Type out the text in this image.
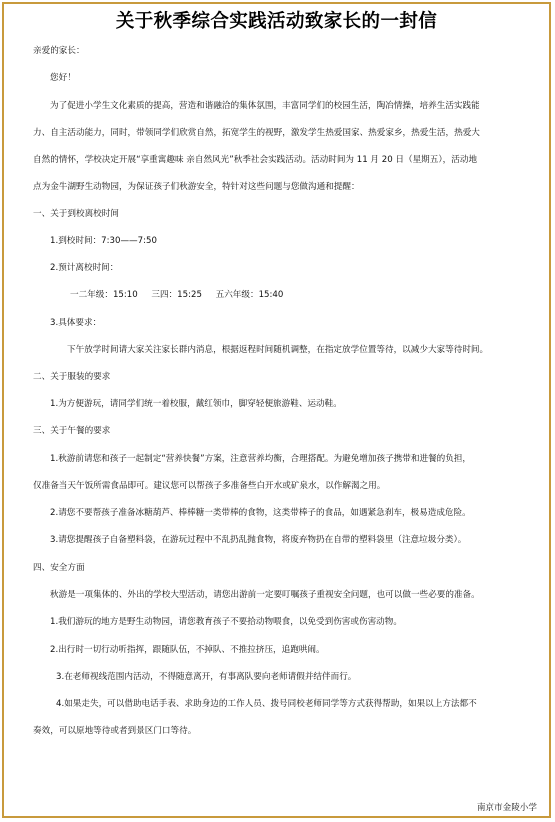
关于秋季综合实践活动致家长的一封信
亲爱的家长：
您好！
为了促进小学生文化素质的提高，营造和谐融洽的集体氛围，丰富同学们的校园生活，陶冶情操，培养生活实践能
力、自主活动能力，同时，带领同学们欣赏自然，拓宽学生的视野，激发学生热爱国家、热爱家乡，热爱生活，热爱大
自然的情怀，学校决定开展“享重寓趣味 亲自然风光”秋季社会实践活动。活动时间为 11 月 20 日（星期五），活动地
点为金牛湖野生动物园，为保证孩子们秋游安全，特针对这些问题与您做沟通和提醒：
一、关于到校离校时间
1.到校时间：7:30——7:50
2.预计离校时间：
一二年级：15:10     三四：15:25     五六年级：15:40
3.具体要求：
下午放学时间请大家关注家长群内消息，根据返程时间随机调整，在指定放学位置等待，以减少大家等待时间。
二、关于服装的要求
1.为方便游玩，请同学们统一着校服，戴红领巾，脚穿轻便旅游鞋、运动鞋。
三、关于午餐的要求
1.秋游前请您和孩子一起制定“营养快餐”方案，注意营养均衡，合理搭配。为避免增加孩子携带和进餐的负担，
仅准备当天午饭所需食品即可。建议您可以帮孩子多准备些白开水或矿泉水，以作解渴之用。
2.请您不要帮孩子准备冰糖葫芦、棒棒糖一类带棒的食物，这类带棒子的食品，如遇紧急刹车，极易造成危险。
3.请您提醒孩子自备塑料袋，在游玩过程中不乱扔乱抛食物，将废弃物扔在自带的塑料袋里（注意垃圾分类）。
四、安全方面
秋游是一项集体的、外出的学校大型活动，请您出游前一定要叮嘱孩子重视安全问题，也可以做一些必要的准备。
1.我们游玩的地方是野生动物园，请您教育孩子不要拾动物喂食，以免受到伤害或伤害动物。
2.出行时一切行动听指挥，跟随队伍，不掉队、不推拉挤压，追跑哄闹。
3.在老师视线范围内活动，不得随意离开，有事离队要向老师请假并结伴而行。
4.如果走失，可以借助电话手表、求助身边的工作人员、拨号同校老师同学等方式获得帮助，如果以上方法都不
奏效，可以原地等待或者到景区门口等待。
南京市金陵小学
